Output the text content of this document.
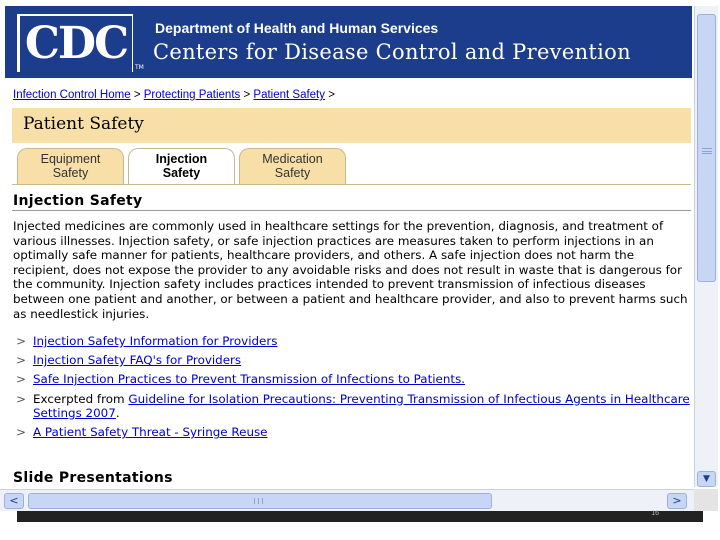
CDC	TM
Department of Health and Human Services
Centers for Disease Control and Prevention
Infection Control Home > Protecting Patients > Patient Safety >
Patient Safety
Equipment
Safety
Injection
Safety
Medication
Safety
Injection Safety
Injected medicines are commonly used in healthcare settings for the prevention, diagnosis, and treatment of various illnesses. Injection safety, or safe injection practices are measures taken to perform injections in an optimally safe manner for patients, healthcare providers, and others. A safe injection does not harm the recipient, does not expose the provider to any avoidable risks and does not result in waste that is dangerous for the community. Injection safety includes practices intended to prevent transmission of infectious diseases between one patient and another, or between a patient and healthcare provider, and also to prevent harms such as needlestick injuries.
> Injection Safety Information for Providers
> Injection Safety FAQ's for Providers
> Safe Injection Practices to Prevent Transmission of Infections to Patients.
> Excerpted from Guideline for Isolation Precautions: Preventing Transmission of Infectious Agents in Healthcare Settings 2007.
> A Patient Safety Threat - Syringe Reuse
Slide Presentations	▼
<	>
16
